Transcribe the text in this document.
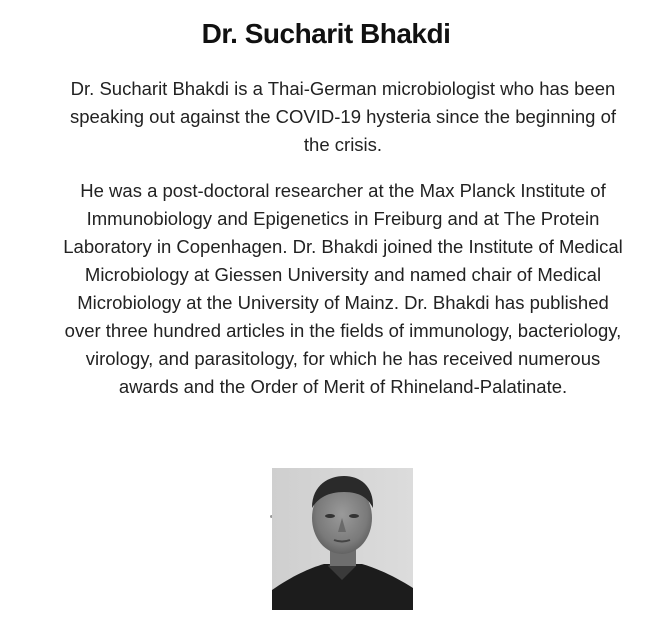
Dr. Sucharit Bhakdi

Dr. Sucharit Bhakdi is a Thai-German microbiologist who has been speaking out against the COVID-19 hysteria since the beginning of the crisis.

He was a post-doctoral researcher at the Max Planck Institute of Immunobiology and Epigenetics in Freiburg and at The Protein Laboratory in Copenhagen. Dr. Bhakdi joined the Institute of Medical Microbiology at Giessen University and named chair of Medical Microbiology at the University of Mainz. Dr. Bhakdi has published over three hundred articles in the fields of immunology, bacteriology, virology, and parasitology, for which he has received numerous awards and the Order of Merit of Rhineland-Palatinate.
